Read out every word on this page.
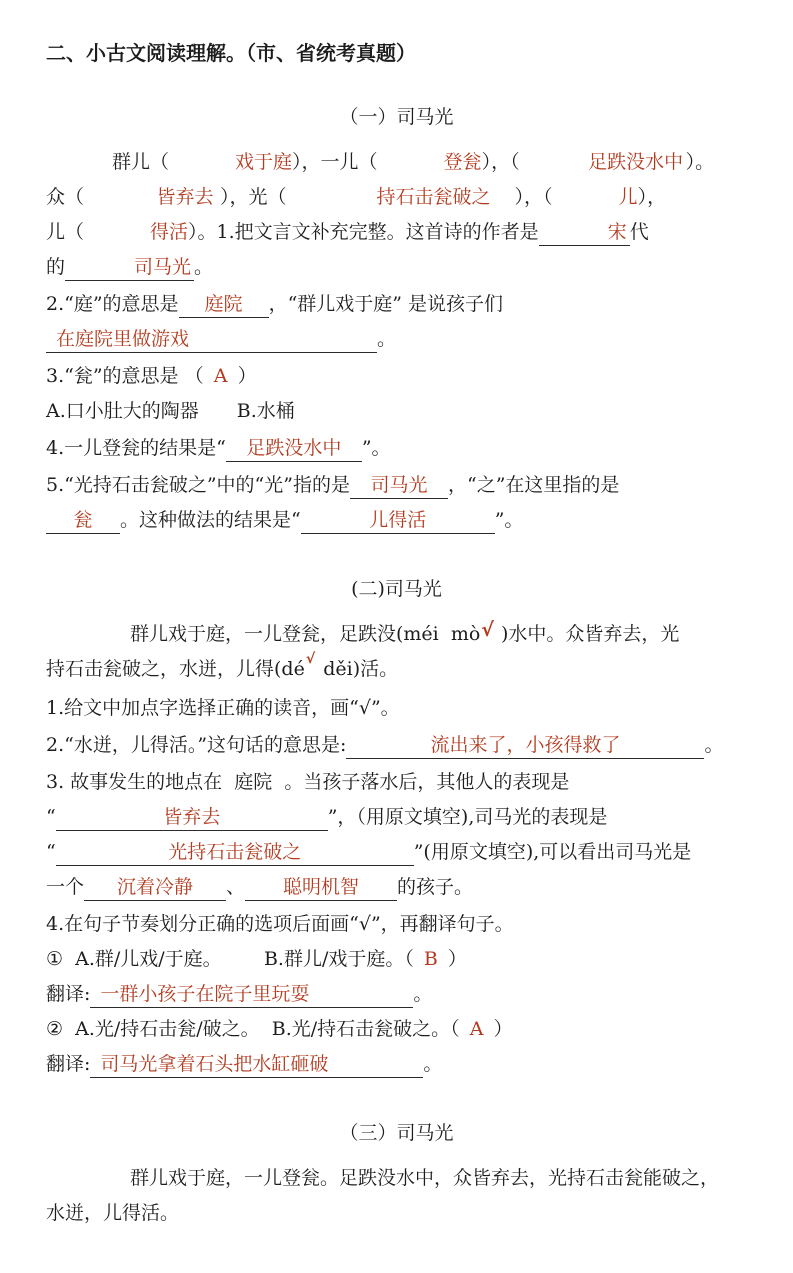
二、小古文阅读理解。（市、省统考真题）
（一）司马光

群儿（	戏于庭），一儿（	登瓮），（	足跌没水中 ）。
众（	皆弃去 ），光（	持石击瓮破之 ），（	儿），
儿（	得活）。1.把文言文补充完整。这首诗的作者是	宋 代
的	司马光 。

2.“庭”的意思是 庭院 ，“群儿戏于庭” 是说孩子们
在庭院里做游戏	。

3.“瓮”的意思是 （ A ）
A.口小肚大的陶器　　B.水桶

4.一儿登瓮的结果是“ 足跌没水中 ”。

5.“光持石击瓮破之”中的“光”指的是 司马光 ，“之”在这里指的是
瓮 。这种做法的结果是“	儿得活	”。

(二)司马光

群儿戏于庭，一儿登瓮，足跌没(méi  mò√ )水中。众皆弃去，光
持石击瓮破之，水迸，儿得(dé√ děi)活。

1.给文中加点字选择正确的读音，画“√”。

2.“水迸，儿得活。”这句话的意思是:	流出来了，小孩得救了	。

3. 故事发生的地点在  庭院  。当孩子落水后，其他人的表现是
“	皆弃去	”，（用原文填空),司马光的表现是
“	光持石击瓮破之	”(用原文填空),可以看出司马光是
一个 沉着冷静 、 聪明机智 的孩子。

4.在句子节奏划分正确的选项后面画“√”，再翻译句子。
①  A.群/儿戏/于庭。       B.群儿/戏于庭。（ B ）
翻译: 一群小孩子在院子里玩耍	。
②  A.光/持石击瓮/破之。  B.光/持石击瓮破之。（ A ）
翻译: 司马光拿着石头把水缸砸破	。

（三）司马光

群儿戏于庭，一儿登瓮。足跌没水中，众皆弃去，光持石击瓮能破之，
水迸，儿得活。
